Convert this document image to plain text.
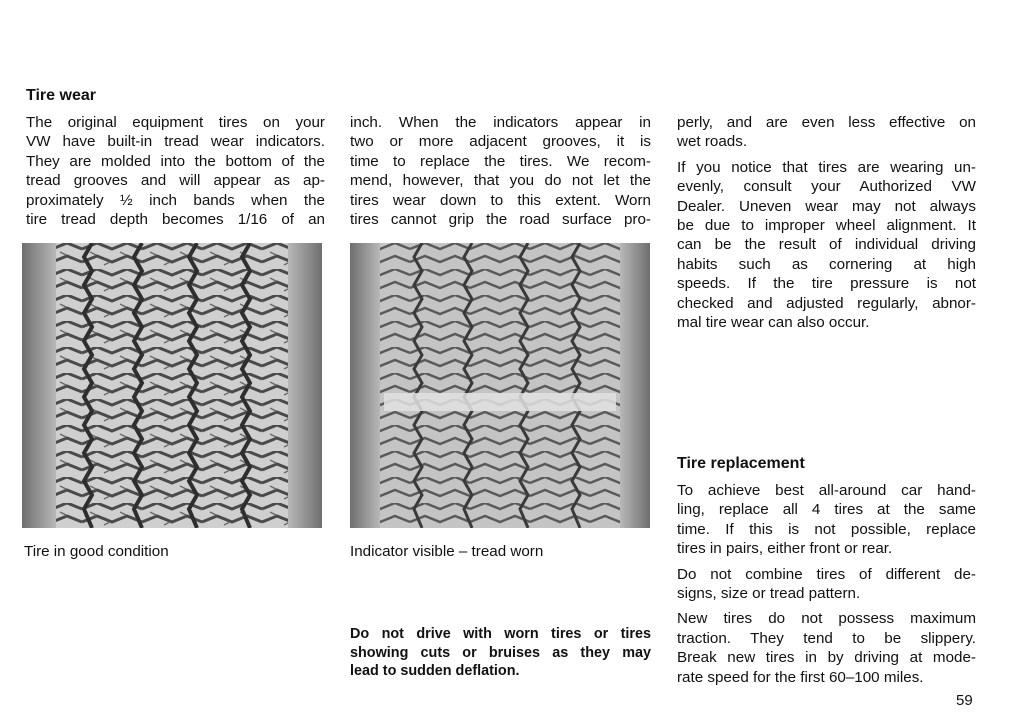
Tire wear

The original equipment tires on your
VW have built-in tread wear indicators.
They are molded into the bottom of the
tread grooves and will appear as ap-
proximately ½ inch bands when the
tire tread depth becomes 1/16 of an

inch. When the indicators appear in
two or more adjacent grooves, it is
time to replace the tires. We recom-
mend, however, that you do not let the
tires wear down to this extent. Worn
tires cannot grip the road surface pro-

perly, and are even less effective on
wet roads.

If you notice that tires are wearing un-
evenly, consult your Authorized VW
Dealer. Uneven wear may not always
be due to improper wheel alignment. It
can be the result of individual driving
habits such as cornering at high
speeds. If the tire pressure is not
checked and adjusted regularly, abnor-
mal tire wear can also occur.

Tire in good condition	Indicator visible – tread worn
Do not drive with worn tires or tires
showing cuts or bruises as they may
lead to sudden deflation.
Tire replacement

To achieve best all-around car hand-
ling, replace all 4 tires at the same
time. If this is not possible, replace
tires in pairs, either front or rear.

Do not combine tires of different de-
signs, size or tread pattern.

New tires do not possess maximum
traction. They tend to be slippery.
Break new tires in by driving at mode-
rate speed for the first 60–100 miles.

59
